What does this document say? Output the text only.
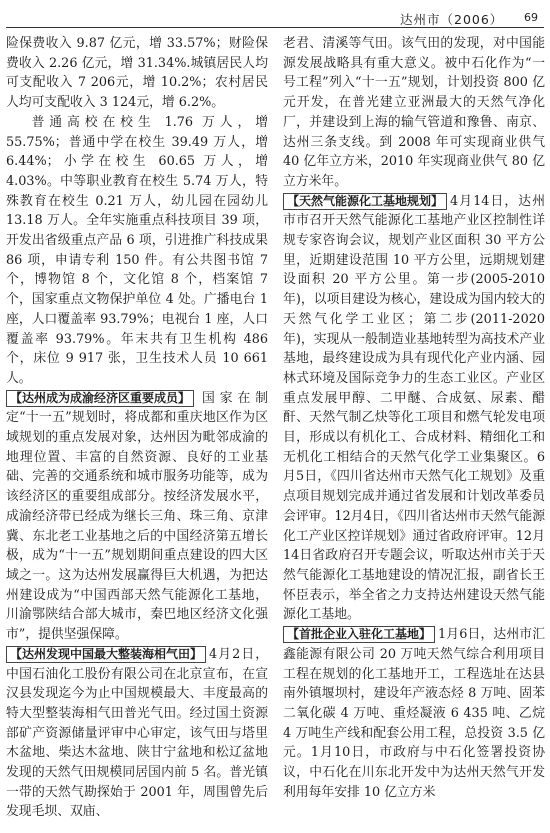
达州市（2006） 69

险保费收入 9.87 亿元，增 33.57%；财险保费收入 2.26 亿元，增 31.34%.城镇居民人均可支配收入 7 206元，增 10.2%；农村居民人均可支配收入 3 124元，增 6.2%。

普通高校在校生 1.76 万人，增 55.75%；普通中学在校生 39.49 万人，增 6.44%；小学在校生 60.65 万人，增 4.03%。中等职业教育在校生 5.74 万人，特殊教育在校生 0.21 万人，幼儿园在园幼儿 13.18 万人。全年实施重点科技项目 39 项，开发出省级重点产品 6 项，引进推广科技成果 86 项，申请专利 150 件。有公共图书馆 7 个，博物馆 8 个，文化馆 8 个，档案馆 7 个，国家重点文物保护单位 4 处。广播电台 1 座，人口覆盖率 93.79%；电视台 1 座，人口覆盖率 93.79%。年末共有卫生机构 486 个，床位 9 917 张，卫生技术人员 10 661 人。

【达州成为成渝经济区重要成员】 国家在制定“十一五”规划时，将成都和重庆地区作为区域规划的重点发展对象，达州因为毗邻成渝的地理位置、丰富的自然资源、良好的工业基础、完善的交通系统和城市服务功能等，成为该经济区的重要组成部分。按经济发展水平，成渝经济带已经成为继长三角、珠三角、京津冀、东北老工业基地之后的中国经济第五增长极，成为“十一五”规划期间重点建设的四大区域之一。这为达州发展赢得巨大机遇，为把达州建设成为“中国西部天然气能源化工基地，川渝鄂陕结合部大城市，秦巴地区经济文化强市”，提供坚强保障。

【达州发现中国最大整装海相气田】 4月2日，中国石油化工股份有限公司在北京宣布，在宣汉县发现迄今为止中国规模最大、丰度最高的特大型整装海相气田普光气田。经过国土资源部矿产资源储量评审中心审定，该气田与塔里木盆地、柴达木盆地、陕甘宁盆地和松辽盆地发现的天然气田规模同居国内前 5 名。普光镇一带的天然气勘探始于 2001 年，周围曾先后发现毛坝、双庙、

老君、清溪等气田。该气田的发现，对中国能源发展战略具有重大意义。被中石化作为“一号工程”列入“十一五”规划，计划投资 800 亿元开发，在普光建立亚洲最大的天然气净化厂，并建设到上海的输气管道和豫鲁、南京、达州三条支线。到 2008 年可实现商业供气 40 亿年立方米，2010 年实现商业供气 80 亿立方米年。

【天然气能源化工基地规划】 4月14日，达州市市召开天然气能源化工基地产业区控制性详规专家咨询会议，规划产业区面积 30 平方公里，近期建设范围 10 平方公里，远期规划建设面积 20 平方公里。第一步(2005-2010 年)，以项目建设为核心，建设成为国内较大的天然气化学工业区；第二步(2011-2020 年)，实现从一般制造业基地转型为高技术产业基地，最终建设成为具有现代化产业内涵、园林式环境及国际竞争力的生态工业区。产业区重点发展甲醇、二甲醚、合成氨、尿素、醋酐、天然气制乙炔等化工项目和燃气轮发电项目，形成以有机化工、合成材料、精细化工和无机化工相结合的天然气化学工业集聚区。6月5日，《四川省达州市天然气化工规划》及重点项目规划完成并通过省发展和计划改革委员会评审。12月4日，《四川省达州市天然气能源化工产业区控详规划》通过省政府评审。12月14日省政府召开专题会议，听取达州市关于天然气能源化工基地建设的情况汇报，副省长王怀臣表示，举全省之力支持达州建设天然气能源化工基地。

【首批企业入驻化工基地】 1月6日，达州市汇鑫能源有限公司 20 万吨天然气综合利用项目工程在规划的化工基地开工，工程选址在达县南外镇堰坝村，建设年产液态烃 8 万吨、固苯二氧化碳 4 万吨、重烃凝液 6 435 吨、乙烷 4 万吨生产线和配套公用工程，总投资 3.5 亿元。1月10日，市政府与中石化签署投资协议，中石化在川东北开发中为达州天然气开发利用每年安排 10 亿立方米
